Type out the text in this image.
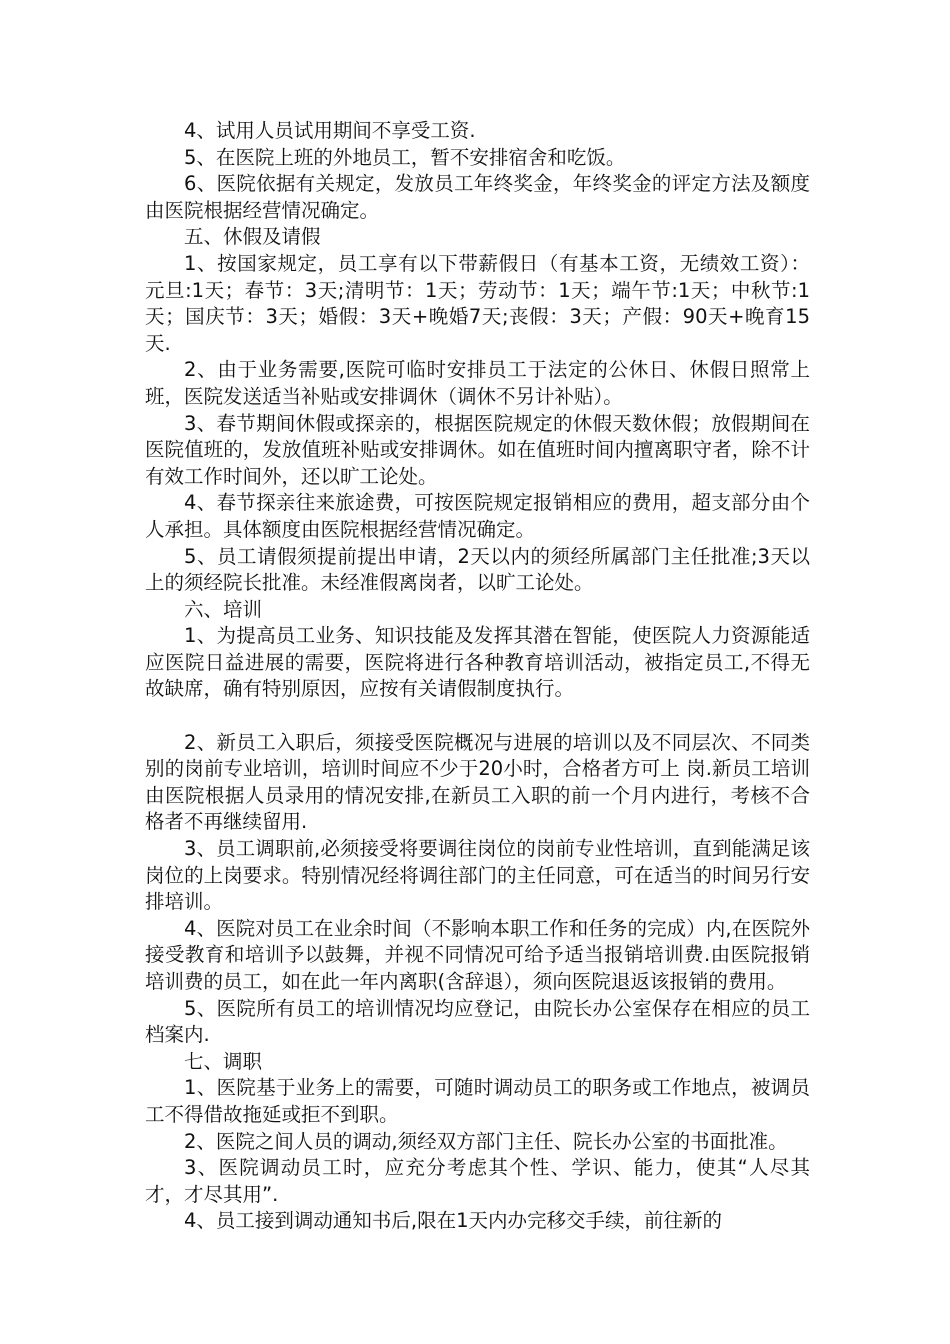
4、试用人员试用期间不享受工资.

5、在医院上班的外地员工，暂不安排宿舍和吃饭。

6、医院依据有关规定，发放员工年终奖金，年终奖金的评定方法及额度由医院根据经营情况确定。

五、休假及请假

1、按国家规定，员工享有以下带薪假日（有基本工资，无绩效工资）：元旦:1天；春节：3天;清明节：1天；劳动节：1天；端午节:1天；中秋节:1天；国庆节：3天；婚假：3天+晚婚7天;丧假：3天；产假：90天+晚育15天.

2、由于业务需要,医院可临时安排员工于法定的公休日、休假日照常上班，医院发送适当补贴或安排调休（调休不另计补贴）。

3、春节期间休假或探亲的，根据医院规定的休假天数休假；放假期间在医院值班的，发放值班补贴或安排调休。如在值班时间内擅离职守者，除不计有效工作时间外，还以旷工论处。

4、春节探亲往来旅途费，可按医院规定报销相应的费用，超支部分由个人承担。具体额度由医院根据经营情况确定。

5、员工请假须提前提出申请，2天以内的须经所属部门主任批准;3天以上的须经院长批准。未经准假离岗者，以旷工论处。

六、培训

1、为提高员工业务、知识技能及发挥其潜在智能，使医院人力资源能适应医院日益进展的需要，医院将进行各种教育培训活动，被指定员工,不得无故缺席，确有特别原因，应按有关请假制度执行。

2、新员工入职后，须接受医院概况与进展的培训以及不同层次、不同类别的岗前专业培训，培训时间应不少于20小时，合格者方可上 岗.新员工培训由医院根据人员录用的情况安排,在新员工入职的前一个月内进行，考核不合格者不再继续留用.

3、员工调职前,必须接受将要调往岗位的岗前专业性培训，直到能满足该岗位的上岗要求。特别情况经将调往部门的主任同意，可在适当的时间另行安排培训。

4、医院对员工在业余时间（不影响本职工作和任务的完成）内,在医院外接受教育和培训予以鼓舞，并视不同情况可给予适当报销培训费.由医院报销培训费的员工，如在此一年内离职(含辞退），须向医院退返该报销的费用。

5、医院所有员工的培训情况均应登记，由院长办公室保存在相应的员工档案内.

七、调职

1、医院基于业务上的需要，可随时调动员工的职务或工作地点，被调员工不得借故拖延或拒不到职。

2、医院之间人员的调动,须经双方部门主任、院长办公室的书面批准。

3、医院调动员工时，应充分考虑其个性、学识、能力，使其“人尽其才，才尽其用”.

4、员工接到调动通知书后,限在1天内办完移交手续，前往新的
